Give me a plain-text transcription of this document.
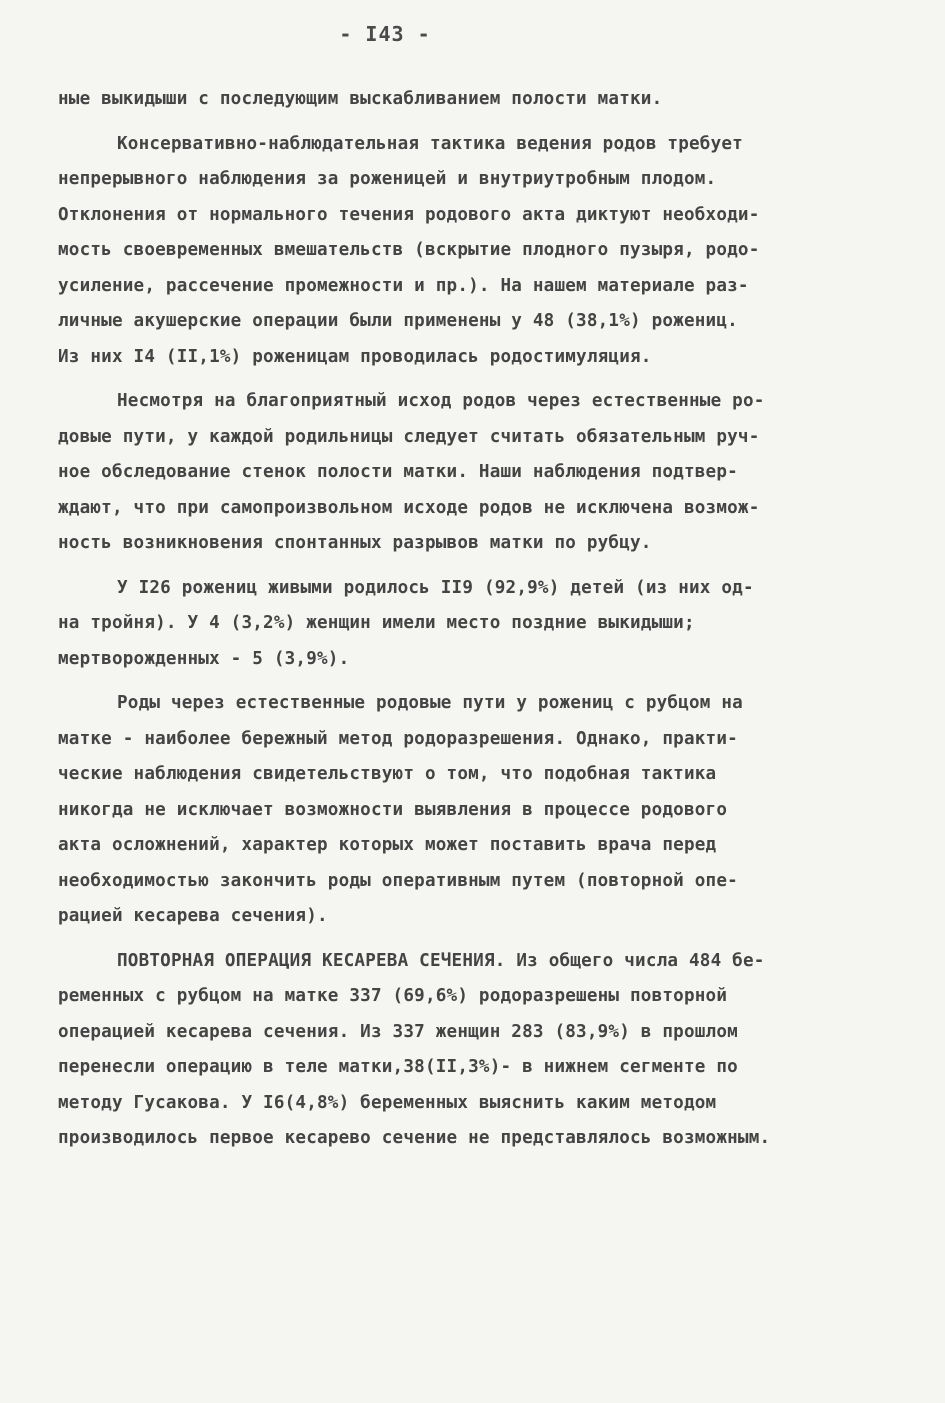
- I43 -
ные выкидыши с последующим выскабливанием полости матки.
Консервативно-наблюдательная тактика ведения родов требует
непрерывного наблюдения за роженицей и внутриутробным плодом.
Отклонения от нормального течения родового акта диктуют необходи-
мость своевременных вмешательств (вскрытие плодного пузыря, родо-
усиление, рассечение промежности и пр.). На нашем материале раз-
личные акушерские операции были применены у 48 (38,1%) рожениц.
Из них I4 (II,1%) роженицам проводилась родостимуляция.
Несмотря на благоприятный исход родов через естественные ро-
довые пути, у каждой родильницы следует считать обязательным руч-
ное обследование стенок полости матки. Наши наблюдения подтвер-
ждают, что при самопроизвольном исходе родов не исключена возмож-
ность возникновения спонтанных разрывов матки по рубцу.
У I26 рожениц живыми родилось II9 (92,9%) детей (из них од-
на тройня). У 4 (3,2%) женщин имели место поздние выкидыши;
мертворожденных - 5 (3,9%).
Роды через естественные родовые пути у рожениц с рубцом на
матке - наиболее бережный метод родоразрешения. Однако, практи-
ческие наблюдения свидетельствуют о том, что подобная тактика
никогда не исключает возможности выявления в процессе родового
акта осложнений, характер которых может поставить врача перед
необходимостью закончить роды оперативным путем (повторной опе-
рацией кесарева сечения).
ПОВТОРНАЯ ОПЕРАЦИЯ КЕСАРЕВА СЕЧЕНИЯ. Из общего числа 484 бе-
ременных с рубцом на матке 337 (69,6%) родоразрешены повторной
операцией кесарева сечения. Из 337 женщин 283 (83,9%) в прошлом
перенесли операцию в теле матки,38(II,3%)- в нижнем сегменте по
методу Гусакова. У I6(4,8%) беременных выяснить каким методом
производилось первое кесарево сечение не представлялось возможным.
